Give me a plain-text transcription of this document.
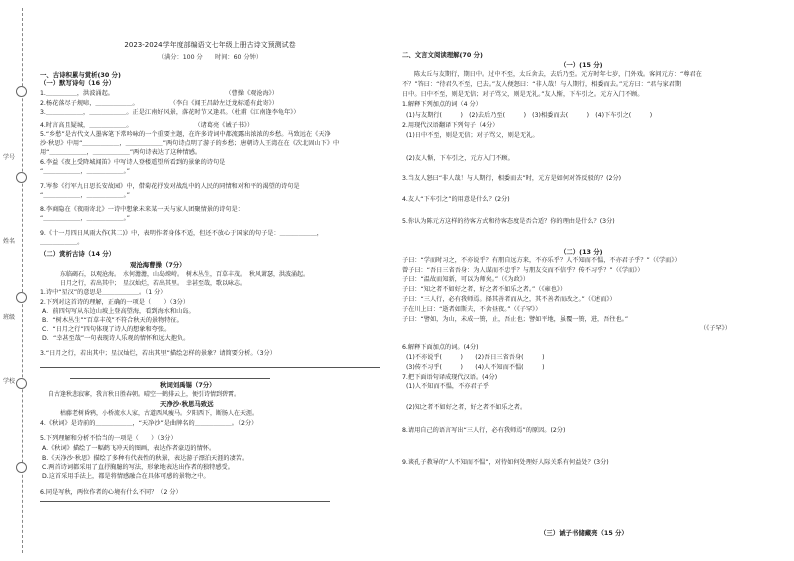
学号
姓名
班级
学校
2023-2024学年度部编语文七年级上册古诗文预测试卷
（满分：100 分　　时间：60 分钟）
一、古诗积累与赏析(30 分)
（一）默写诗句（16 分）
1.＿＿＿＿＿，洪波涌起。　　　　　　　　　　　　　　　　　　　（曹操《观沧海》）
2.杨花落尽子规啼，＿＿＿＿＿＿。　　　　　　（李白《闻王昌龄左迁龙标遥有此寄》）
3.＿＿＿＿＿＿，＿＿＿＿＿＿。正是江南好风景，落花时节又逢君。（杜甫《江南逢李龟年》）
4.时言高且疑城，＿＿＿＿＿＿。　　　　　　　　　　　（诸葛亮《诫子书》）
5.“乡愁”是古代文人墨客笔下常吟咏的一个重要主题，在许多诗词中都流露出浓浓的乡愁。马致远在《天净
沙·秋思》中用“＿＿＿＿＿＿，＿＿＿＿＿＿”两句诗点明了游子的乡愁；唐朝诗人王湾在在《次北固山下》中
用“＿＿＿＿＿＿，＿＿＿＿＿＿”两句诗表达了这种情感。
6.李益《夜上受降城闻笛》中写诗人登楼遥望所看到的景象的诗句是
“＿＿＿＿＿＿，＿＿＿＿＿＿。”
7.岑参《行军九日思长安故园》中，借菊花抒发对战乱中的人民的同情和对和平的渴望的诗句是
“＿＿＿＿＿＿，＿＿＿＿＿＿。”
8.李商隐在《夜雨寄北》一诗中想象未来某一天与家人团聚情景的诗句是：
“＿＿＿＿＿＿，＿＿＿＿＿＿。”
9.《十一月四日风雨大作(其二)》中，表明作者身体不适，但还不放心于国家的句子是：＿＿＿＿＿＿，
＿＿＿＿＿＿。
（二）赏析古诗（14 分）
观沧海曹操（7分）
东临碣石，以观沧海。　水何澹澹，山岛竦峙。　树木丛生，百草丰茂。　秋风萧瑟，洪波涌起。
日月之行，若出其中；　星汉灿烂，若出其里。　幸甚至哉，歌以咏志。
1.诗中“星汉”的意思是＿＿＿＿＿＿。（1 分）
2.下列对这首诗的理解，正确的一项是（　　）（3分）
A．前四句写从东边山坡上登高望海，看到海水和山岛。
B．“树木丛生”“百草丰茂”不符合秋天的景物特征。
C．“日月之行”四句体现了诗人的想象和夸张。
D．“幸甚至哉”一句表现诗人乐观的情怀和远大抱负。
3.“日月之行，若出其中；星汉灿烂，若出其里”描绘怎样的景象？请简要分析。（3分）
秋词刘禹锡（7分）
自古逢秋悲寂寥，我言秋日胜春朝。晴空一鹤排云上，便引诗情到碧霄。
天净沙·秋思马致远
枯藤老树昏鸦，小桥流水人家，古道西风瘦马。夕阳西下，断肠人在天涯。
4.《秋词》是诗前的＿＿＿＿＿＿，“天净沙”是曲牌名的＿＿＿＿＿＿。（2分）
5.下列理解和分析不恰当的一项是（　　）（3分）
A.《秋词》描绘了一幅鹤飞冲天的图画，表达作者豪迈的情怀。
B.《天净沙·秋思》描绘了多种有代表性的秋景，表达游子漂泊天涯的凄苦。
C.两首诗词都采用了直抒胸臆的写法，形象地表达出作者的独特感受。
D.这首采用手法上，都是将情感融合在具体可感的景物之中。
6.同是写秋，两位作者的心境有什么不同？（2 分）
二、文言文阅读理解(70 分)
（一）(15 分)
陈太丘与友期行，期日中。过中不至，太丘舍去，去后乃至。元方时年七岁，门外戏。客问元方：“尊君在
不？”答曰：“待君久不至，已去。”友人便怒曰：“非人哉！与人期行，相委而去。”元方曰：“君与家君期
日中。日中不至，则是无信；对子骂父，则是无礼。”友人惭，下车引之。元方入门不顾。
1.解释下列加点的词（4 分）
(1)与友期行(　　　)　(2)去后乃至(　　　)　(3)相委而去(　　　)　(4)下车引之(　　　)
2.用现代汉语翻译下列句子（4分）
(1)日中不至，则是无信；对子骂父，则是无礼。
(2)友人惭，下车引之，元方入门不顾。
3.当友人怒曰“非人哉！与人期行，相委而去”时，元方是如何对答反驳的？(2分)
4.友人“下车引之”的用意是什么？(2分)
5.你认为陈元方这样的待客方式和待客态度是否合适？你的理由是什么？(3分)
（二）(13 分)
子曰：“学而时习之，不亦说乎？有朋自远方来，不亦乐乎？人不知而不愠，不亦君子乎？”（《学而》）
曾子曰：“吾日三省吾身：为人谋而不忠乎？与朋友交而不信乎？传不习乎？”（《学而》）
子曰：“温故而知新，可以为师矣。”（《为政》）
子曰：“知之者不如好之者，好之者不如乐之者。”（《雍也》）
子曰：“三人行，必有我师焉。择其善者而从之，其不善者而改之。”（《述而》）
子在川上曰：“逝者如斯夫，不舍昼夜。”（《子罕》）
子曰：“譬如，为山，未成一篑，止，吾止也；譬如平地，虽覆一篑，进，吾往也。”
（《子罕》）
6.解释下面加点的词。(4分)
(1)不亦说乎(　　　)　　(2)吾日三省吾身(　　　)
(3)传不习乎(　　　)　　(4)人不知而不愠(　　　)
7.把下面语句译成现代汉语。(4分)
(1)人不知而不愠，不亦君子乎
(2)知之者不如好之者，好之者不如乐之者。
8.请用自己的语言写出“三人行，必有我师焉”的原因。(2分)
9.谈孔子教导的“人不知而不愠”，对待如何处理好人际关系有何益处？(3分)
（三）诫子书储藏亮（15 分）
